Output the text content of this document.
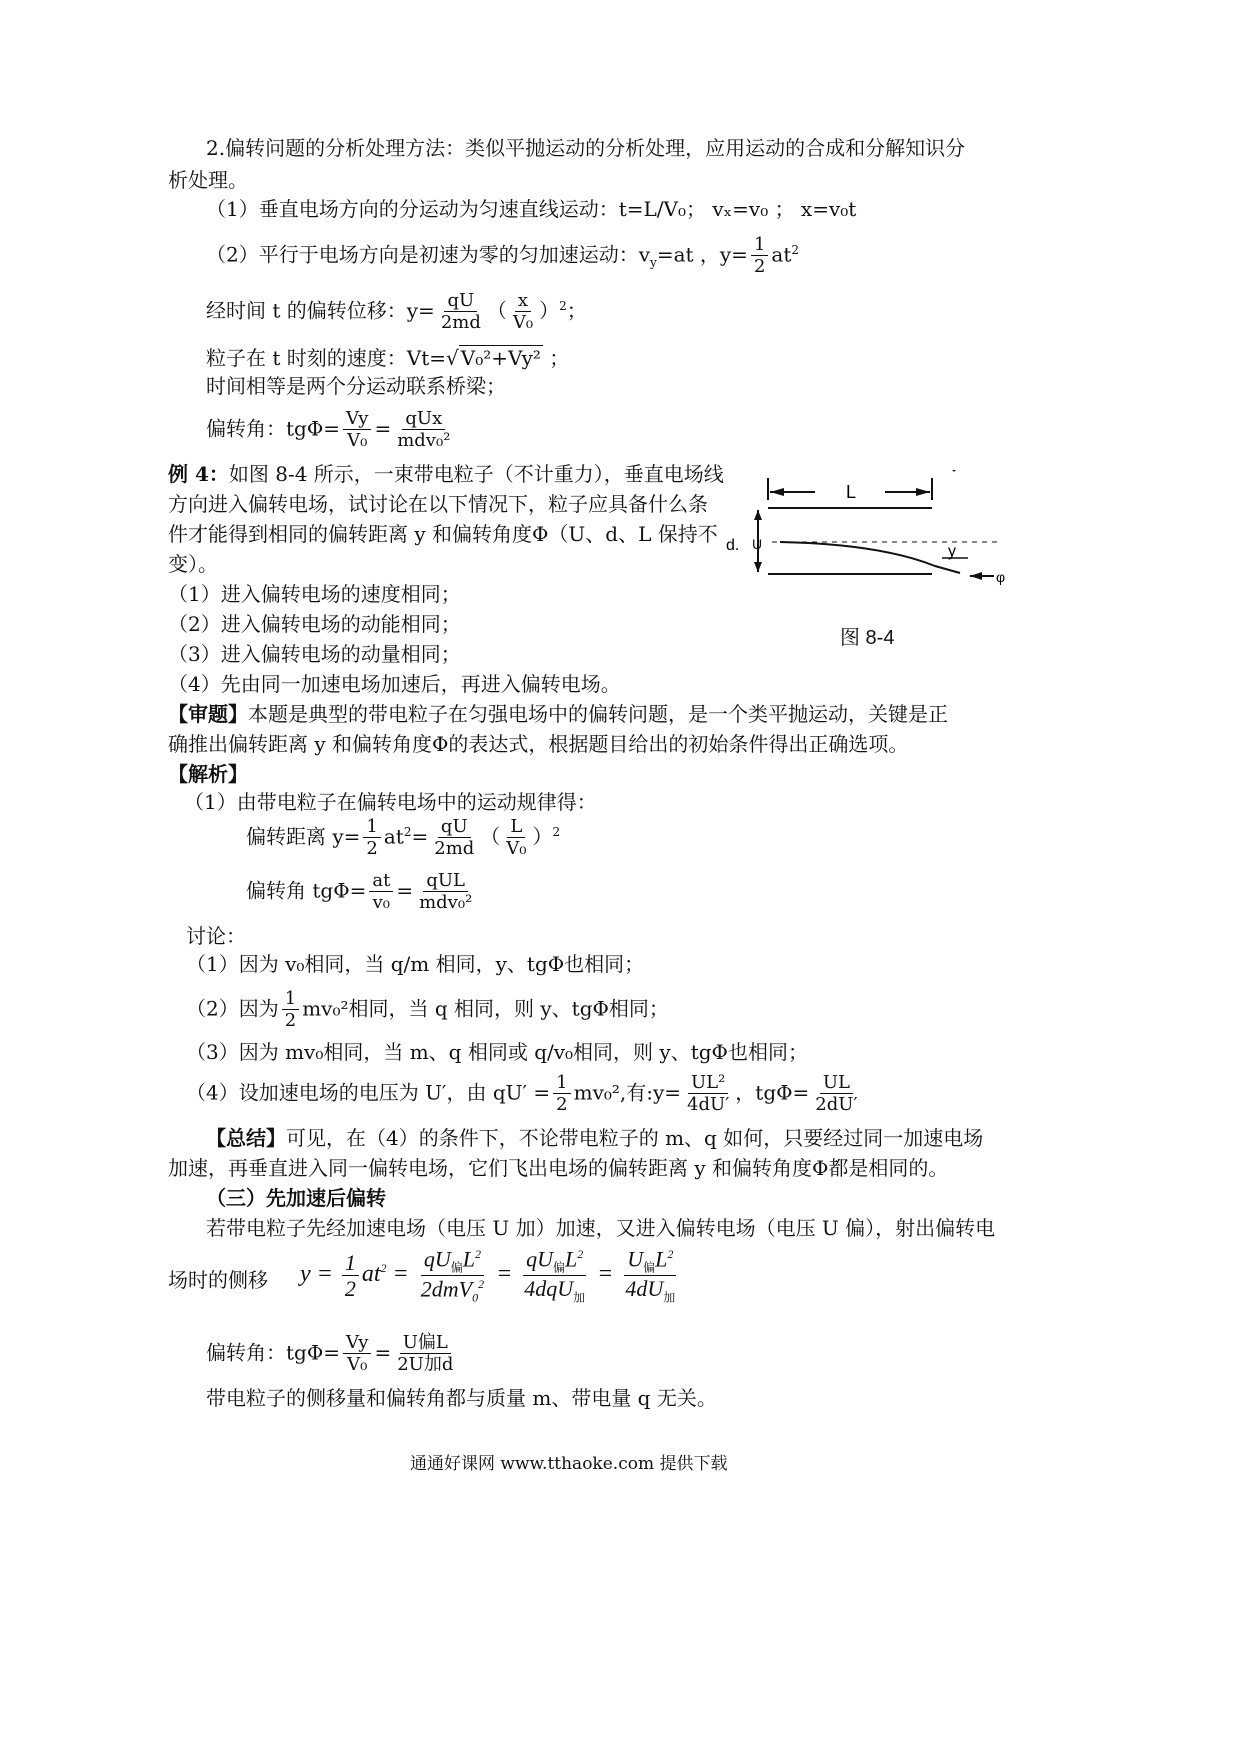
2.偏转问题的分析处理方法：类似平抛运动的分析处理，应用运动的合成和分解知识分
析处理。
（1）垂直电场方向的分运动为匀速直线运动：t=L/V₀； vₓ=v₀ ； x=v₀t
（2）平行于电场方向是初速为零的匀加速运动：$v_y=at$ ，$y= \frac{1}{2} at^2$
经时间 t 的偏转位移：$y= \frac{qU}{2md}$ （ $\frac{x}{\text{V₀}} )^2$；
粒子在 t 时刻的速度：Vt=√ V₀²+Vy² ；
时间相等是两个分运动联系桥梁；
偏转角：$tg\Phi= \frac{Vy}{\text{V₀}} = \frac{\text{qUx}}{\text{mdv₀²}}$
例 4：如图 8-4 所示，一束带电粒子（不计重力），垂直电场线
方向进入偏转电场，试讨论在以下情况下，粒子应具备什么条
件才能得到相同的偏转距离 y 和偏转角度Φ（U、d、L 保持不
变）。
（1）进入偏转电场的速度相同；
（2）进入偏转电场的动能相同；
（3）进入偏转电场的动量相同；
（4）先由同一加速电场加速后，再进入偏转电场。
L
d. U	y
φ
图 8-4
【审题】本题是典型的带电粒子在匀强电场中的偏转问题，是一个类平抛运动，关键是正
确推出偏转距离 y 和偏转角度Φ的表达式，根据题目给出的初始条件得出正确选项。
【解析】
（1）由带电粒子在偏转电场中的运动规律得：
偏转距离 $y= \frac{1}{2} at^2= \frac{qU}{2md}$ （ $\frac{L}{\text{V₀}} )^2$
偏转角 $tg\Phi= \frac{at}{\text{v₀}} = \frac{\text{qUL}}{\text{mdv₀²}}$
讨论：
（1）因为 v₀相同，当 q/m 相同，y、tgΦ也相同；
（2）因为 $\frac{1}{2} mv_0^2$相同，当 q 相同，则 y、tgΦ相同；
（3）因为 mv₀相同，当 m、q 相同或 q/v₀相同，则 y、tgΦ也相同；
（4）设加速电场的电压为 U′，由 $qU' = \frac{1}{2} mv_0^2$,有:y= $\frac{\text{UL²}}{4dU'}$ ，$tg\Phi= \frac{UL}{2dU'}$
【总结】可见，在（4）的条件下，不论带电粒子的 m、q 如何，只要经过同一加速电场
加速，再垂直进入同一偏转电场，它们飞出电场的偏转距离 y 和偏转角度Φ都是相同的。
（三）先加速后偏转
若带电粒子先经加速电场（电压 U 加）加速，又进入偏转电场（电压 U 偏），射出偏转电
场时的侧移 $y = \frac{1}{2} at^2 = \frac{qU_偏L^2}{2dmV_0^2} = \frac{qU_偏L^2}{4dqU_加} = \frac{U_偏L^2}{4dU_加}$
偏转角：$tg\Phi= \frac{Vy}{\text{V₀}} = \frac{\text{U偏L}}{\text{2U加d}}$
带电粒子的侧移量和偏转角都与质量 m、带电量 q 无关。
通通好课网 www.tthaoke.com 提供下载
